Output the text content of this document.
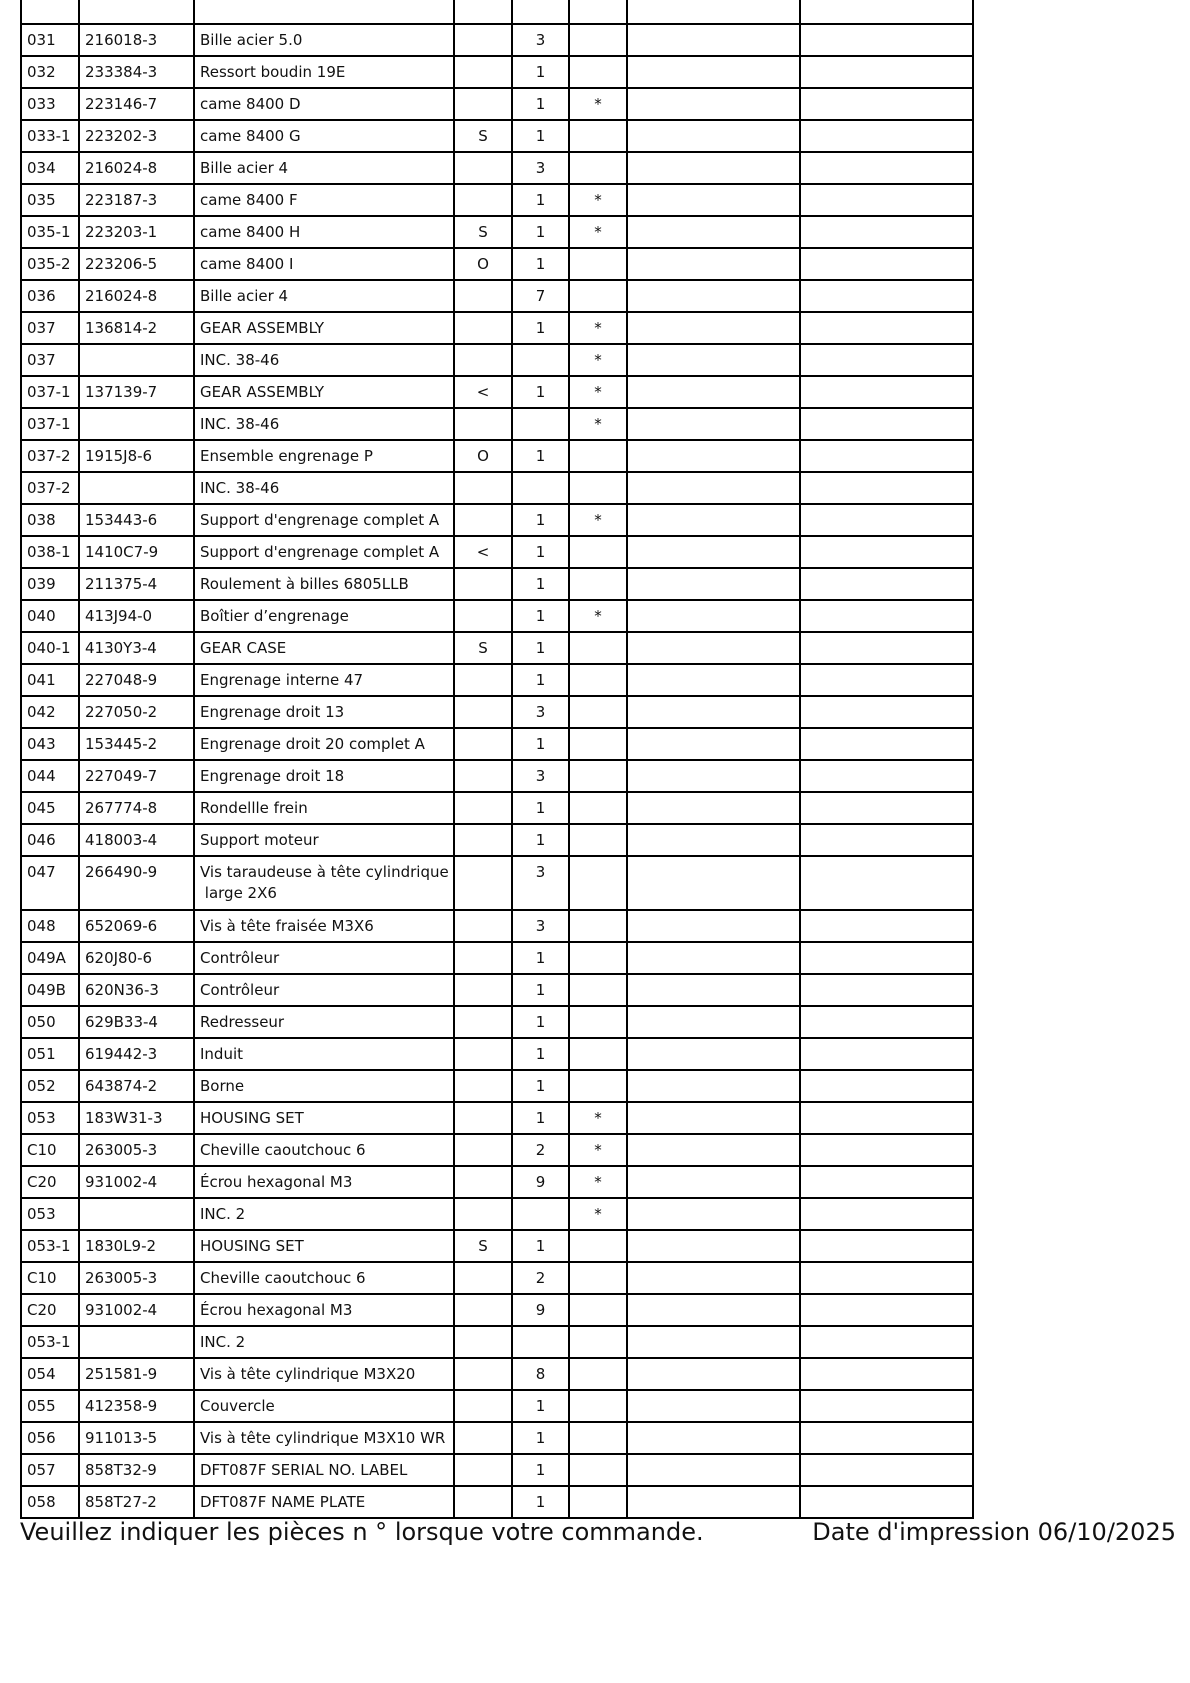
031	216018-3	Bille acier 5.0		3			
032	233384-3	Ressort boudin 19E		1			
033	223146-7	came 8400 D		1	*		
033-1	223202-3	came 8400 G	S	1			
034	216024-8	Bille acier 4		3			
035	223187-3	came 8400 F		1	*		
035-1	223203-1	came 8400 H	S	1	*		
035-2	223206-5	came 8400 I	O	1			
036	216024-8	Bille acier 4		7			
037	136814-2	GEAR ASSEMBLY		1	*		
037		INC. 38-46			*		
037-1	137139-7	GEAR ASSEMBLY	<	1	*		
037-1		INC. 38-46			*		
037-2	1915J8-6	Ensemble engrenage P	O	1			
037-2		INC. 38-46					
038	153443-6	Support d'engrenage complet A		1	*		
038-1	1410C7-9	Support d'engrenage complet A	<	1			
039	211375-4	Roulement à billes 6805LLB		1			
040	413J94-0	Boîtier d’engrenage		1	*		
040-1	4130Y3-4	GEAR CASE	S	1			
041	227048-9	Engrenage interne 47		1			
042	227050-2	Engrenage droit 13		3			
043	153445-2	Engrenage droit 20 complet A		1			
044	227049-7	Engrenage droit 18		3			
045	267774-8	Rondellle frein		1			
046	418003-4	Support moteur		1			
047	266490-9	Vis taraudeuse à tête cylindrique
large 2X6		3			
048	652069-6	Vis à tête fraisée M3X6		3			
049A	620J80-6	Contrôleur		1			
049B	620N36-3	Contrôleur		1			
050	629B33-4	Redresseur		1			
051	619442-3	Induit		1			
052	643874-2	Borne		1			
053	183W31-3	HOUSING SET		1	*		
C10	263005-3	Cheville caoutchouc 6		2	*		
C20	931002-4	Écrou hexagonal M3		9	*		
053		INC. 2			*		
053-1	1830L9-2	HOUSING SET	S	1			
C10	263005-3	Cheville caoutchouc 6		2			
C20	931002-4	Écrou hexagonal M3		9			
053-1		INC. 2					
054	251581-9	Vis à tête cylindrique M3X20		8			
055	412358-9	Couvercle		1			
056	911013-5	Vis à tête cylindrique M3X10 WR		1			
057	858T32-9	DFT087F SERIAL NO. LABEL		1			
058	858T27-2	DFT087F NAME PLATE		1			
Veuillez indiquer les pièces n ° lorsque votre commande.	Date d'impression 06/10/2025
